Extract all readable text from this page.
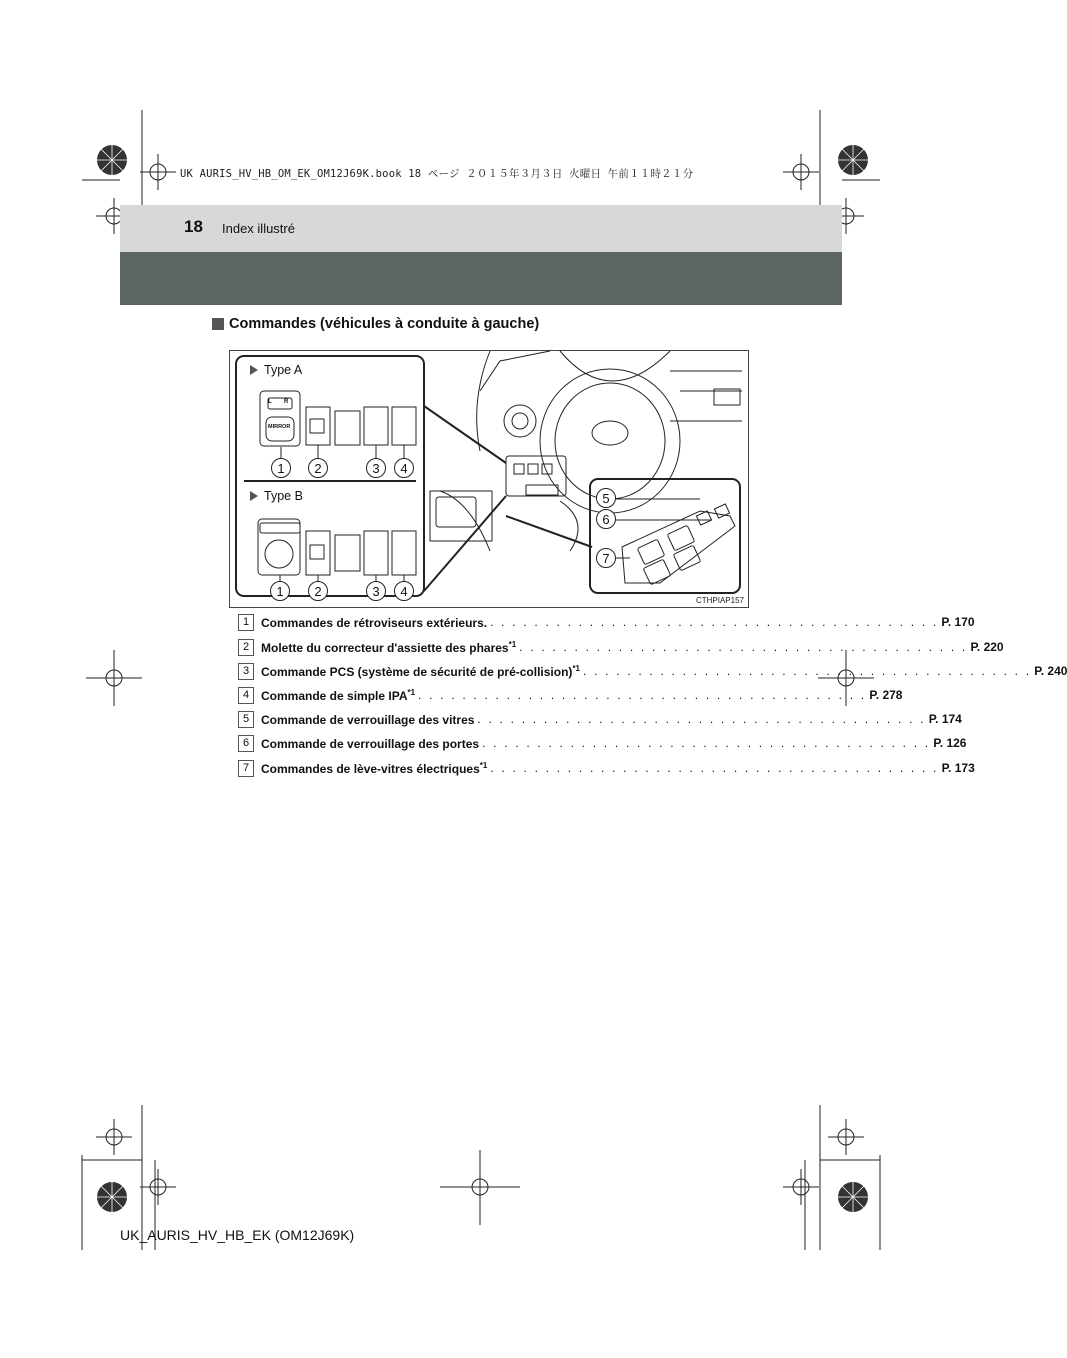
UK AURIS_HV_HB_OM_EK_OM12J69K.book 18 ページ ２０１５年３月３日 火曜日 午前１１時２１分
18 Index illustré
Commandes (véhicules à conduite à gauche)
Type A
Type B
L R
MIRROR
1	2	3	4
1	2	3	4
5
6
7
CTHPIAP157
1 Commandes de rétroviseurs extérieurs. . . . . . . . . . . . . . . . . . . . . . . . . . . . . . . . . . . . . . . . . . P. 170
2 Molette du correcteur d'assiette des phares$^{*1}$ . . . . . . . . . . . . . . . . . . . . . . . . . . . . . . . . . . . . . . . . . P. 220
3 Commande PCS (système de sécurité de pré-collision)$^{*1}$ . . . . . . . . . . . . . . . . . . . . . . . . . . . . . . . . . . . . . . . . . P. 240
4 Commande de simple IPA$^{*1}$ . . . . . . . . . . . . . . . . . . . . . . . . . . . . . . . . . . . . . . . . . P. 278
5 Commande de verrouillage des vitres . . . . . . . . . . . . . . . . . . . . . . . . . . . . . . . . . . . . . . . . . P. 174
6 Commande de verrouillage des portes . . . . . . . . . . . . . . . . . . . . . . . . . . . . . . . . . . . . . . . . . P. 126
7 Commandes de lève-vitres électriques$^{*1}$ . . . . . . . . . . . . . . . . . . . . . . . . . . . . . . . . . . . . . . . . . P. 173
UK_AURIS_HV_HB_EK (OM12J69K)
